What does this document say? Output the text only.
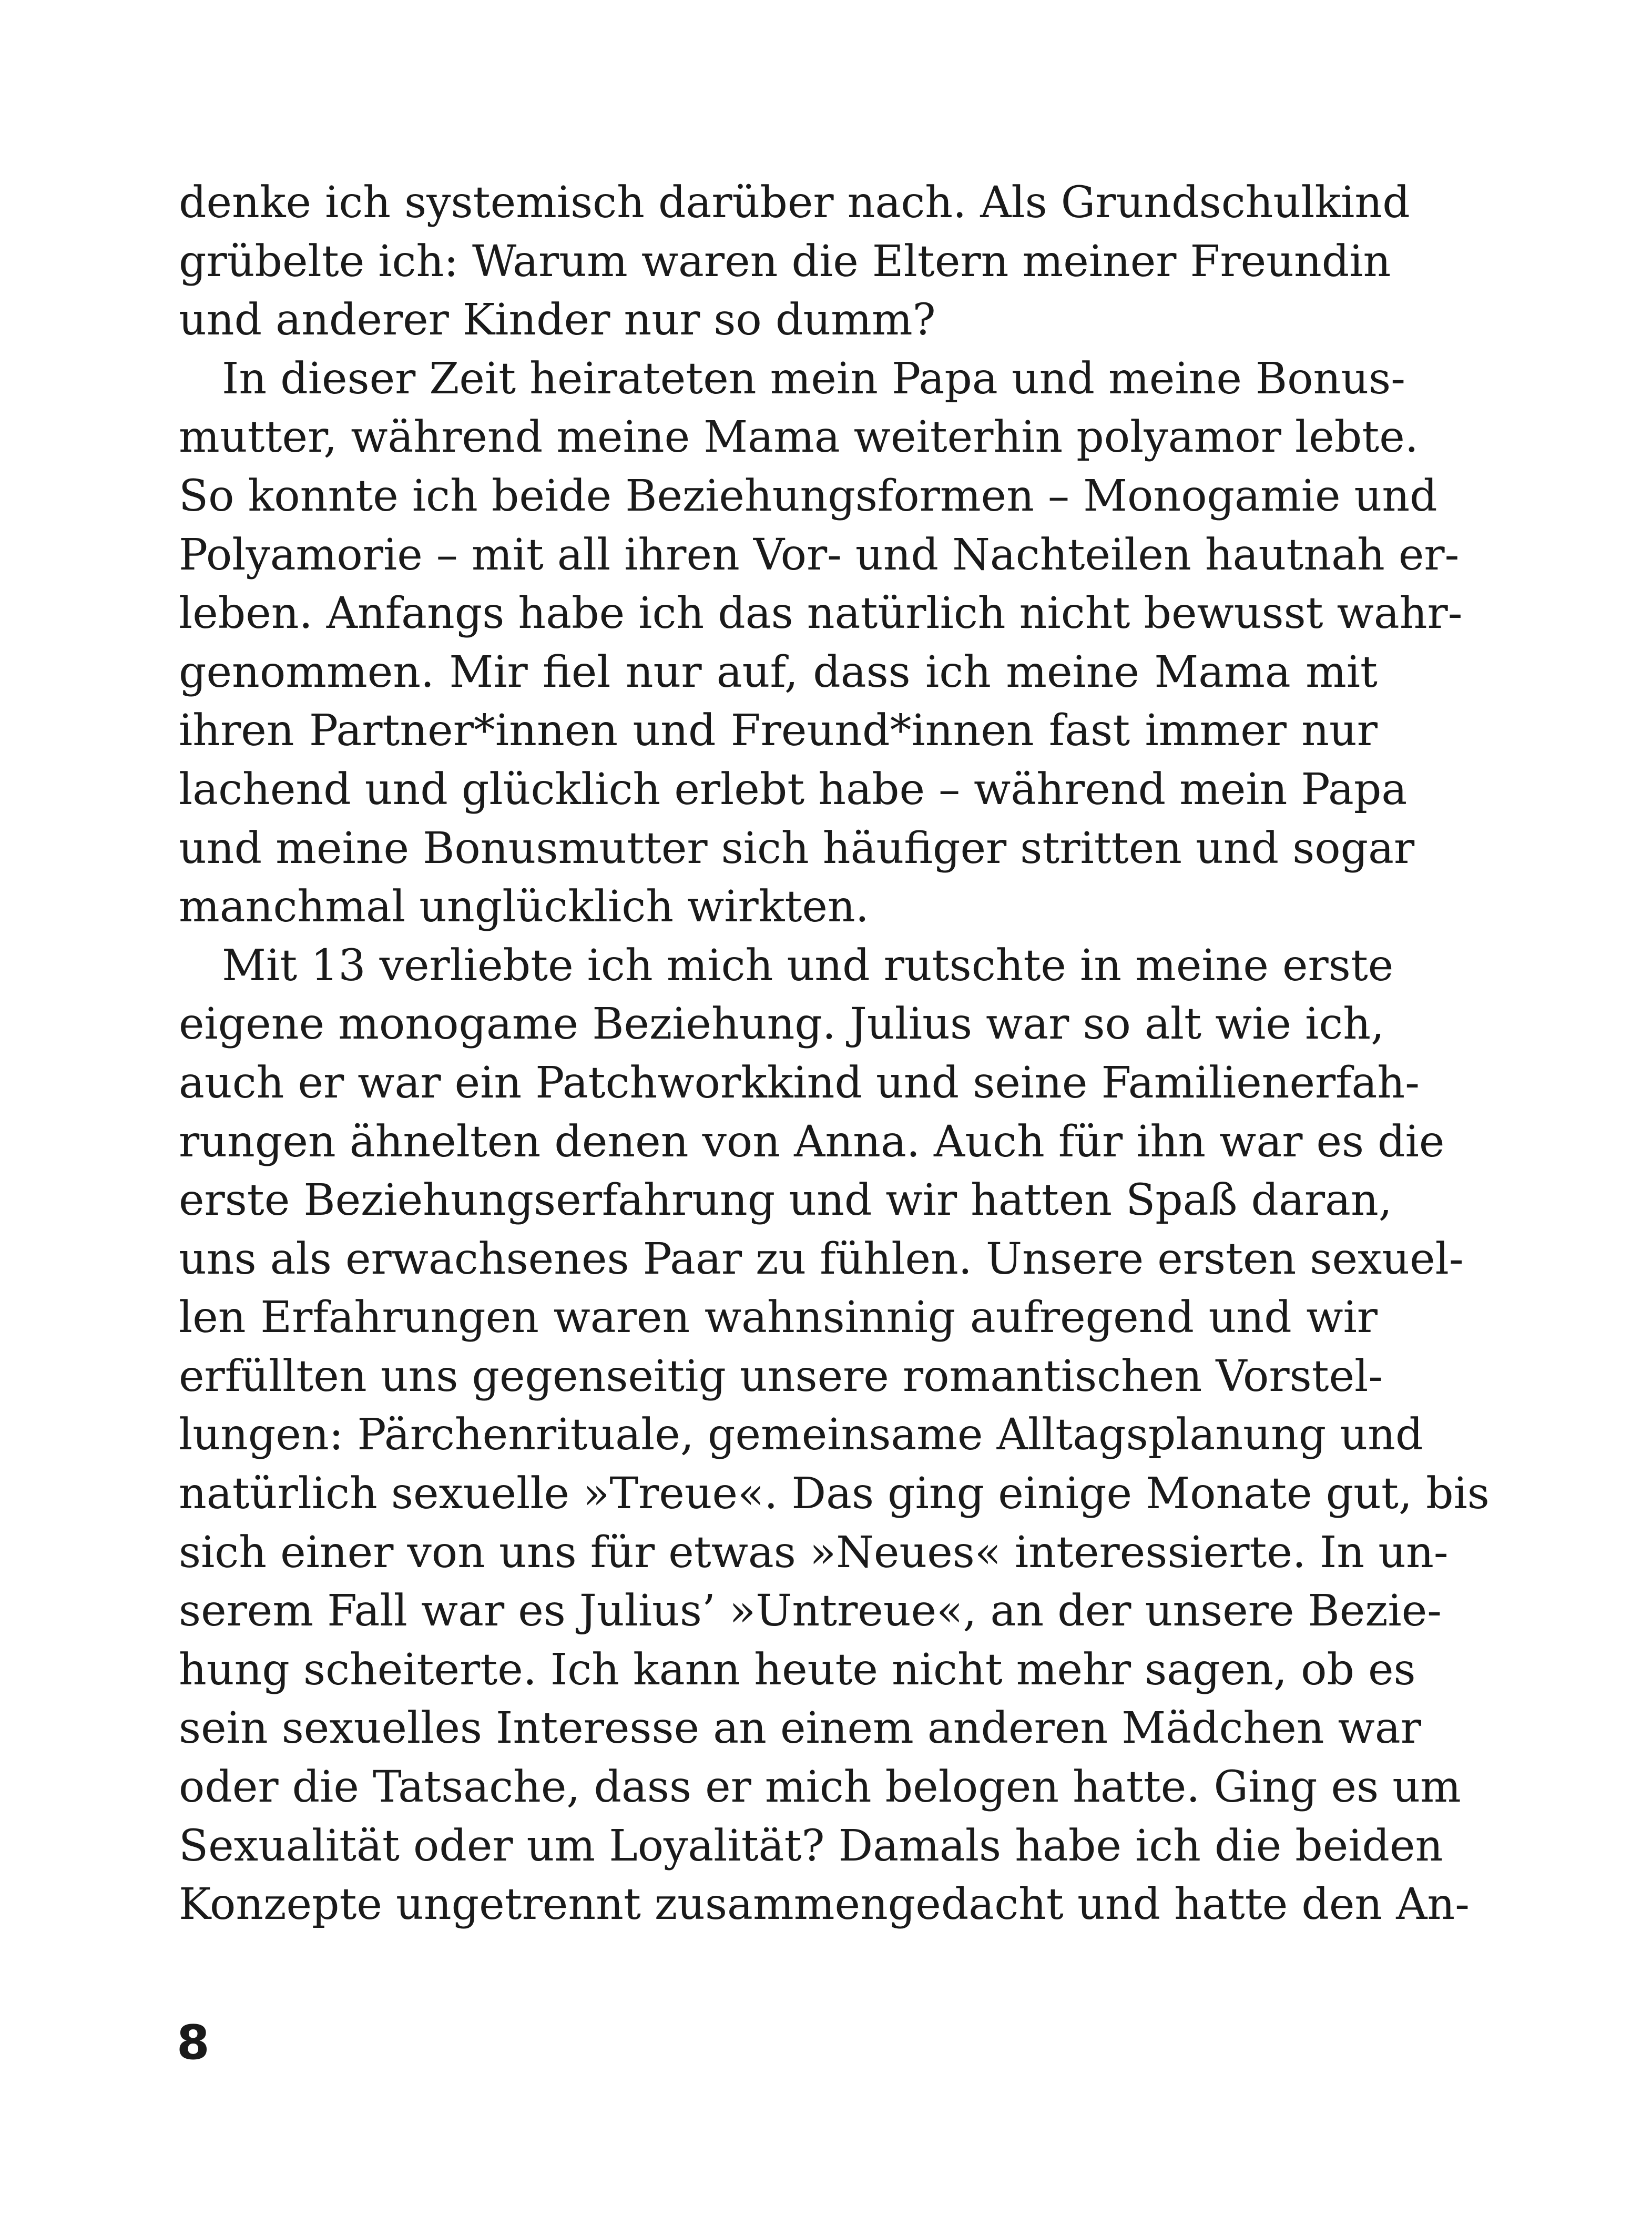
denke ich systemisch darüber nach. Als Grundschulkind
grübelte ich: Warum waren die Eltern meiner Freundin
und anderer Kinder nur so dumm?
In dieser Zeit heirateten mein Papa und meine Bonus-
mutter, während meine Mama weiterhin polyamor lebte.
So konnte ich beide Beziehungsformen – Monogamie und
Polyamorie – mit all ihren Vor- und Nachteilen hautnah er-
leben. Anfangs habe ich das natürlich nicht bewusst wahr-
genommen. Mir fiel nur auf, dass ich meine Mama mit
ihren Partner*innen und Freund*innen fast immer nur
lachend und glücklich erlebt habe – während mein Papa
und meine Bonusmutter sich häufiger stritten und sogar
manchmal unglücklich wirkten.
Mit 13 verliebte ich mich und rutschte in meine erste
eigene monogame Beziehung. Julius war so alt wie ich,
auch er war ein Patchworkkind und seine Familienerfah-
rungen ähnelten denen von Anna. Auch für ihn war es die
erste Beziehungserfahrung und wir hatten Spaß daran,
uns als erwachsenes Paar zu fühlen. Unsere ersten sexuel-
len Erfahrungen waren wahnsinnig aufregend und wir
erfüllten uns gegenseitig unsere romantischen Vorstel-
lungen: Pärchenrituale, gemeinsame Alltagsplanung und
natürlich sexuelle »Treue«. Das ging einige Monate gut, bis
sich einer von uns für etwas »Neues« interessierte. In un-
serem Fall war es Julius’ »Untreue«, an der unsere Bezie-
hung scheiterte. Ich kann heute nicht mehr sagen, ob es
sein sexuelles Interesse an einem anderen Mädchen war
oder die Tatsache, dass er mich belogen hatte. Ging es um
Sexualität oder um Loyalität? Damals habe ich die beiden
Konzepte ungetrennt zusammengedacht und hatte den An-
8
